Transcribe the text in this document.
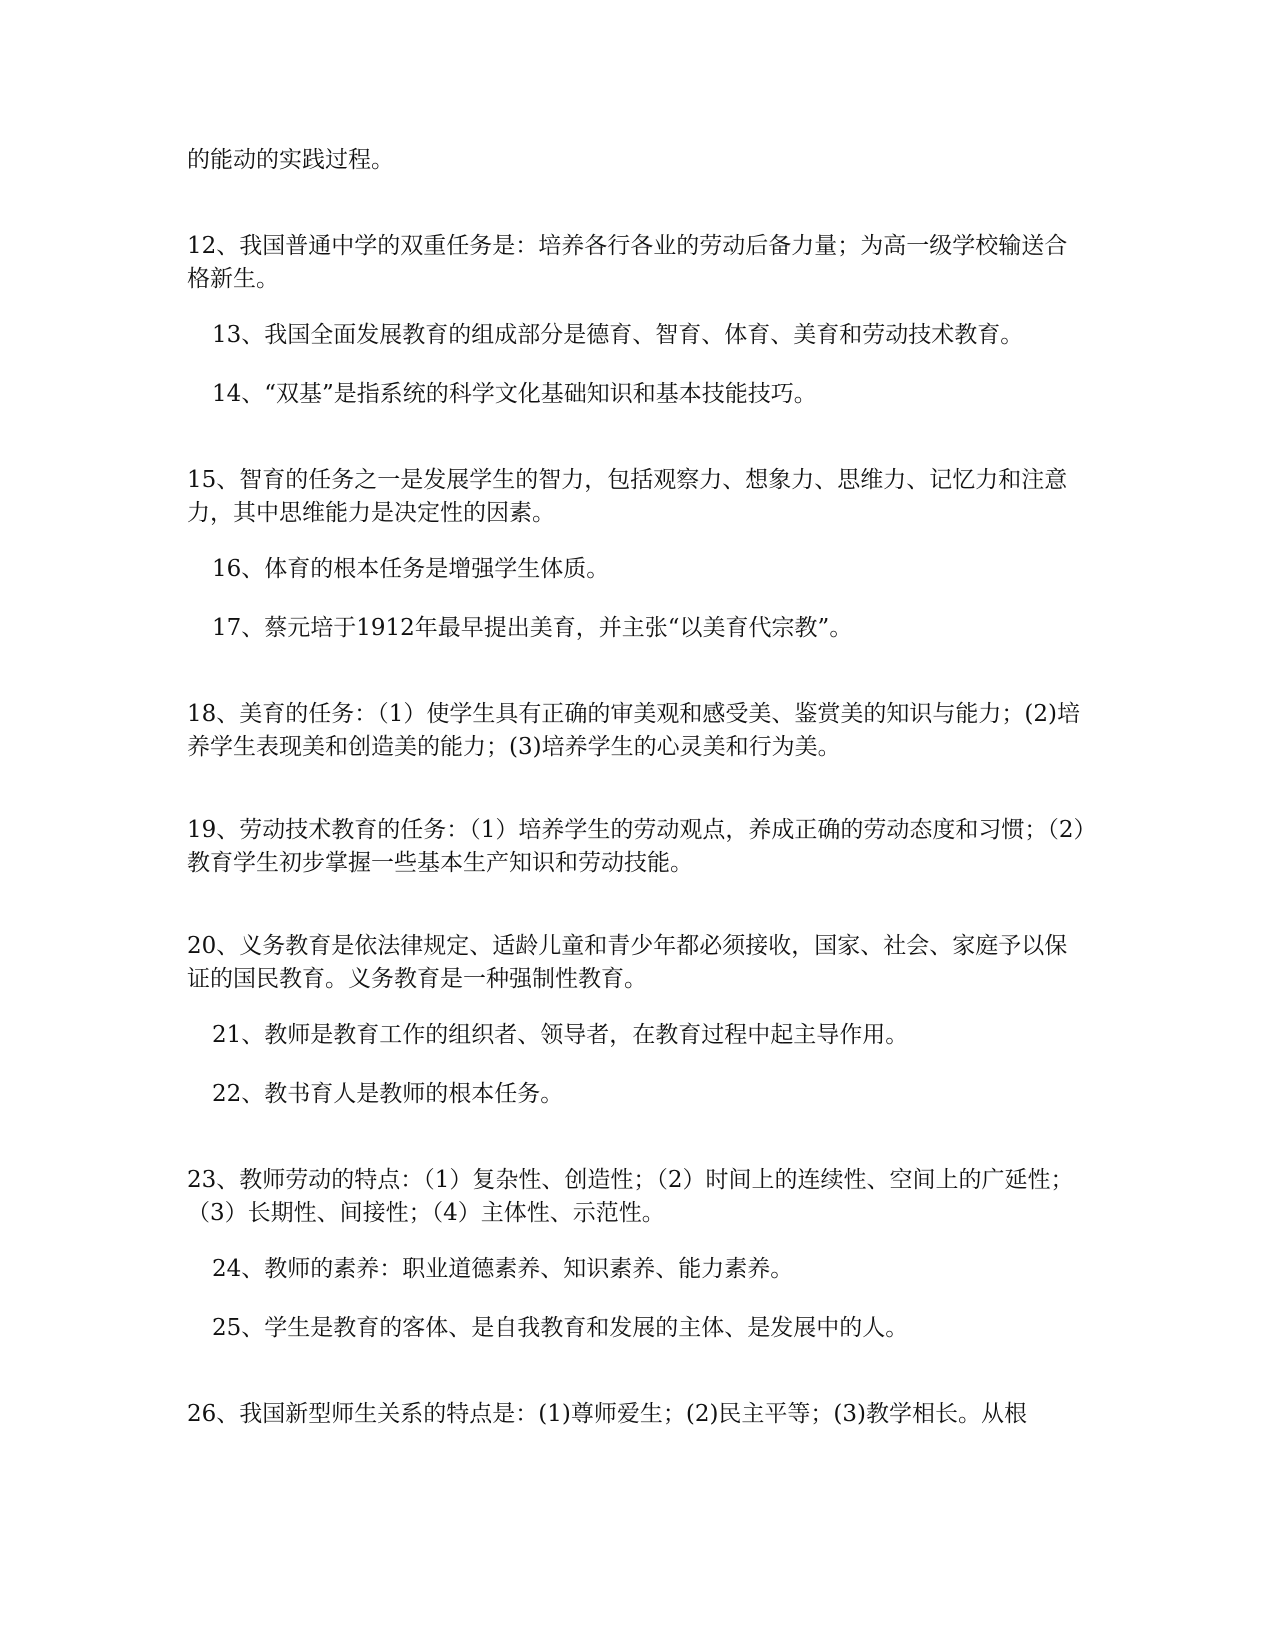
的能动的实践过程。

12、我国普通中学的双重任务是：培养各行各业的劳动后备力量；为高一级学校输送合格新生。

13、我国全面发展教育的组成部分是德育、智育、体育、美育和劳动技术教育。

14、“双基”是指系统的科学文化基础知识和基本技能技巧。

15、智育的任务之一是发展学生的智力，包括观察力、想象力、思维力、记忆力和注意力，其中思维能力是决定性的因素。

16、体育的根本任务是增强学生体质。

17、蔡元培于1912年最早提出美育，并主张“以美育代宗教”。

18、美育的任务：（1）使学生具有正确的审美观和感受美、鉴赏美的知识与能力；(2)培养学生表现美和创造美的能力；(3)培养学生的心灵美和行为美。

19、劳动技术教育的任务：（1）培养学生的劳动观点，养成正确的劳动态度和习惯；（2）教育学生初步掌握一些基本生产知识和劳动技能。

20、义务教育是依法律规定、适龄儿童和青少年都必须接收，国家、社会、家庭予以保证的国民教育。义务教育是一种强制性教育。

21、教师是教育工作的组织者、领导者，在教育过程中起主导作用。

22、教书育人是教师的根本任务。

23、教师劳动的特点：（1）复杂性、创造性；（2）时间上的连续性、空间上的广延性；（3）长期性、间接性；（4）主体性、示范性。

24、教师的素养：职业道德素养、知识素养、能力素养。

25、学生是教育的客体、是自我教育和发展的主体、是发展中的人。

26、我国新型师生关系的特点是：(1)尊师爱生；(2)民主平等；(3)教学相长。从根
